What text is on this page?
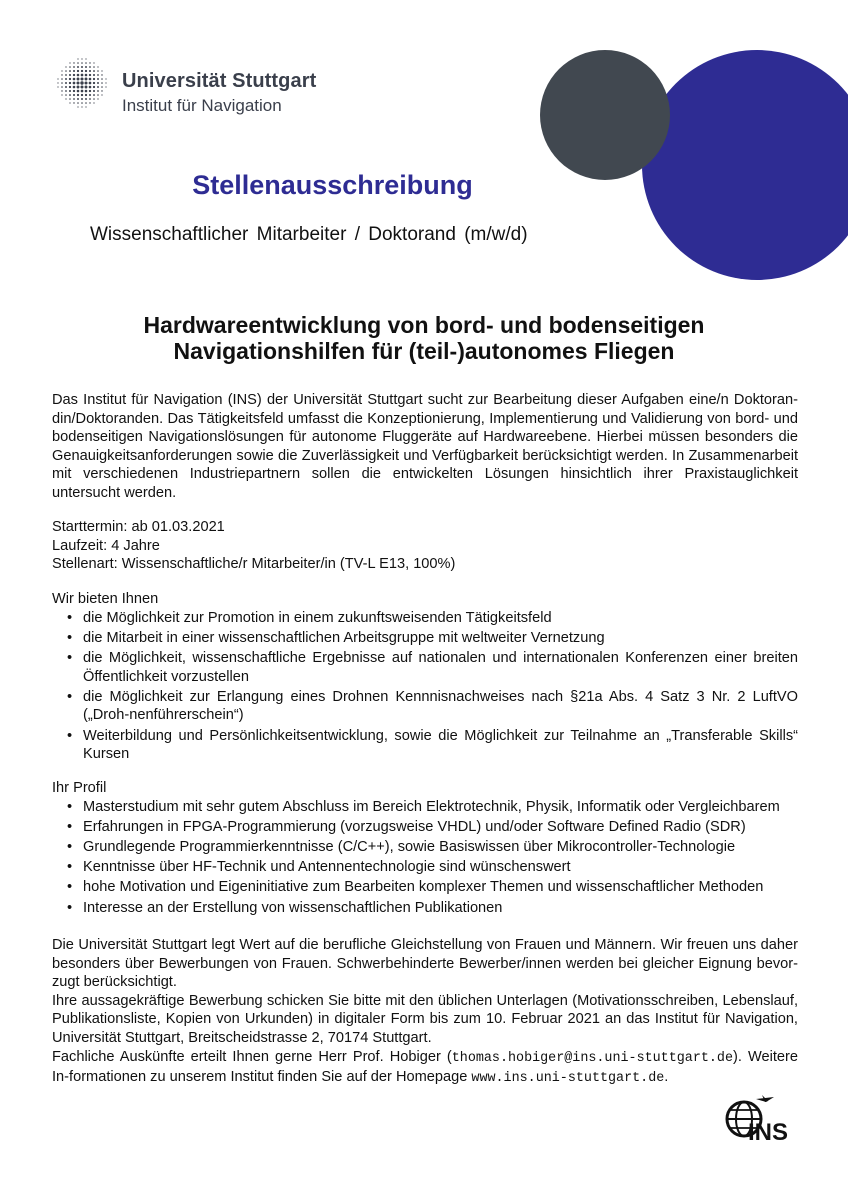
Universität Stuttgart
Institut für Navigation
Stellenausschreibung
Wissenschaftlicher Mitarbeiter / Doktorand (m/w/d)
Hardwareentwicklung von bord- und bodenseitigen
Navigationshilfen für (teil-)autonomes Fliegen

Das Institut für Navigation (INS) der Universität Stuttgart sucht zur Bearbeitung dieser Aufgaben eine/n Doktoran-din/Doktoranden. Das Tätigkeitsfeld umfasst die Konzeptionierung, Implementierung und Validierung von bord- und bodenseitigen Navigationslösungen für autonome Fluggeräte auf Hardwareebene. Hierbei müssen besonders die Genauigkeitsanforderungen sowie die Zuverlässigkeit und Verfügbarkeit berücksichtigt werden. In Zusammenarbeit mit verschiedenen Industriepartnern sollen die entwickelten Lösungen hinsichtlich ihrer Praxistauglichkeit untersucht werden.

Starttermin: ab 01.03.2021
Laufzeit: 4 Jahre
Stellenart: Wissenschaftliche/r Mitarbeiter/in (TV-L E13, 100%)
Wir bieten Ihnen
• die Möglichkeit zur Promotion in einem zukunftsweisenden Tätigkeitsfeld
• die Mitarbeit in einer wissenschaftlichen Arbeitsgruppe mit weltweiter Vernetzung
• die Möglichkeit, wissenschaftliche Ergebnisse auf nationalen und internationalen Konferenzen einer breiten Öffentlichkeit vorzustellen
• die Möglichkeit zur Erlangung eines Drohnen Kennnisnachweises nach §21a Abs. 4 Satz 3 Nr. 2 LuftVO („Droh-nenführerschein“)
• Weiterbildung und Persönlichkeitsentwicklung, sowie die Möglichkeit zur Teilnahme an „Transferable Skills“ Kursen
Ihr Profil
• Masterstudium mit sehr gutem Abschluss im Bereich Elektrotechnik, Physik, Informatik oder Vergleichbarem
• Erfahrungen in FPGA-Programmierung (vorzugsweise VHDL) und/oder Software Defined Radio (SDR)
• Grundlegende Programmierkenntnisse (C/C++), sowie Basiswissen über Mikrocontroller-Technologie
• Kenntnisse über HF-Technik und Antennentechnologie sind wünschenswert
• hohe Motivation und Eigeninitiative zum Bearbeiten komplexer Themen und wissenschaftlicher Methoden
• Interesse an der Erstellung von wissenschaftlichen Publikationen

Die Universität Stuttgart legt Wert auf die berufliche Gleichstellung von Frauen und Männern. Wir freuen uns daher besonders über Bewerbungen von Frauen. Schwerbehinderte Bewerber/innen werden bei gleicher Eignung bevor-zugt berücksichtigt.

Ihre aussagekräftige Bewerbung schicken Sie bitte mit den üblichen Unterlagen (Motivationsschreiben, Lebenslauf, Publikationsliste, Kopien von Urkunden) in digitaler Form bis zum 10. Februar 2021 an das Institut für Navigation, Universität Stuttgart, Breitscheidstrasse 2, 70174 Stuttgart.

Fachliche Auskünfte erteilt Ihnen gerne Herr Prof. Hobiger (thomas.hobiger@ins.uni-stuttgart.de). Weitere In-formationen zu unserem Institut finden Sie auf der Homepage www.ins.uni-stuttgart.de.

INS
